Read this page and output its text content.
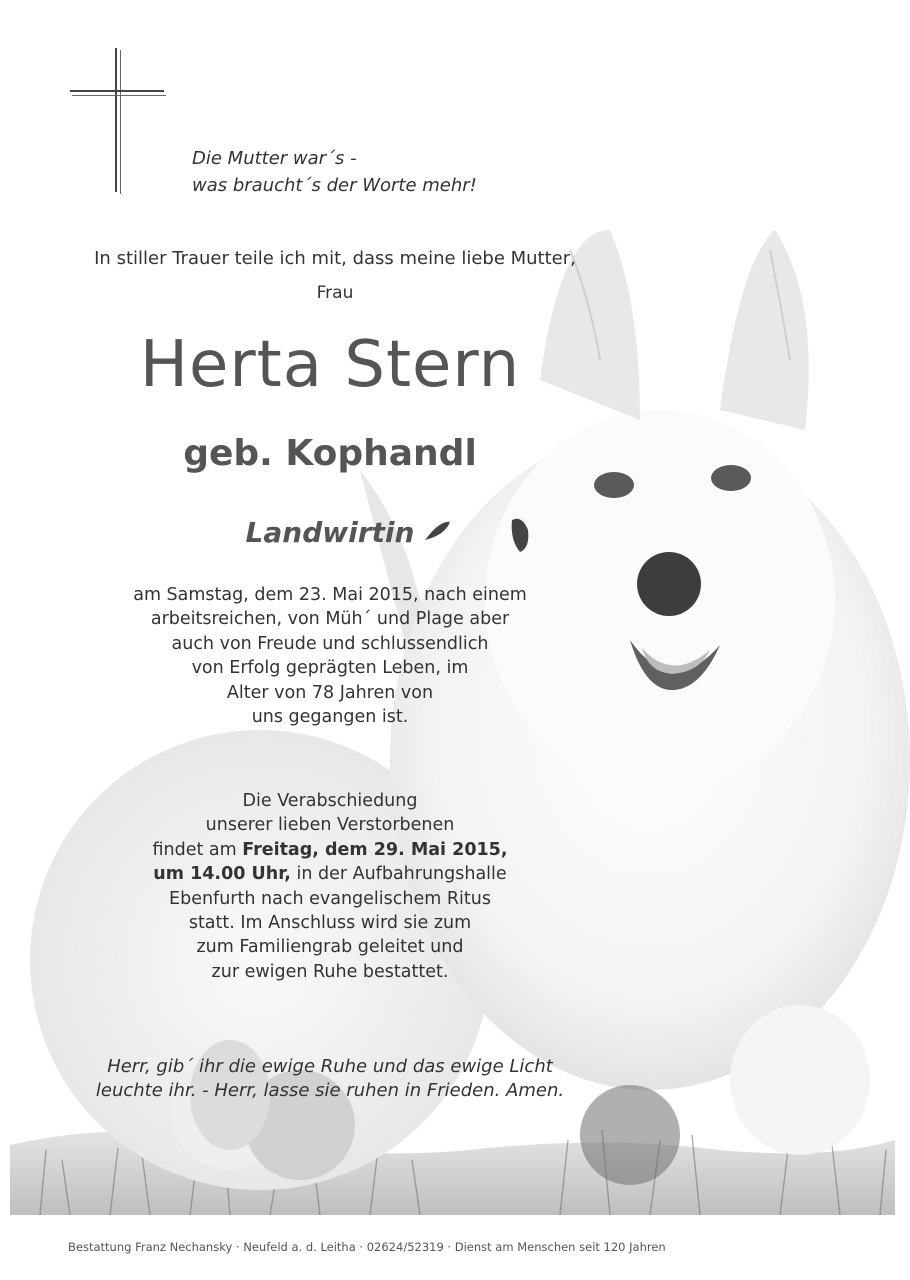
Die Mutter war´s -
was braucht´s der Worte mehr!
In stiller Trauer teile ich mit, dass meine liebe Mutter,
Frau
Herta Stern
geb. Kophandl
Landwirtin
am Samstag, dem 23. Mai 2015, nach einem
arbeitsreichen, von Müh´ und Plage aber
auch von Freude und schlussendlich
von Erfolg geprägten Leben, im
Alter von 78 Jahren von
uns gegangen ist.
Die Verabschiedung
unserer lieben Verstorbenen
findet am Freitag, dem 29. Mai 2015,
um 14.00 Uhr, in der Aufbahrungshalle
Ebenfurth nach evangelischem Ritus
statt. Im Anschluss wird sie zum
zum Familiengrab geleitet und
zur ewigen Ruhe bestattet.
Herr, gib´ ihr die ewige Ruhe und das ewige Licht
leuchte ihr. - Herr, lasse sie ruhen in Frieden. Amen.
Bestattung Franz Nechansky · Neufeld a. d. Leitha · 02624/52319 · Dienst am Menschen seit 120 Jahren
